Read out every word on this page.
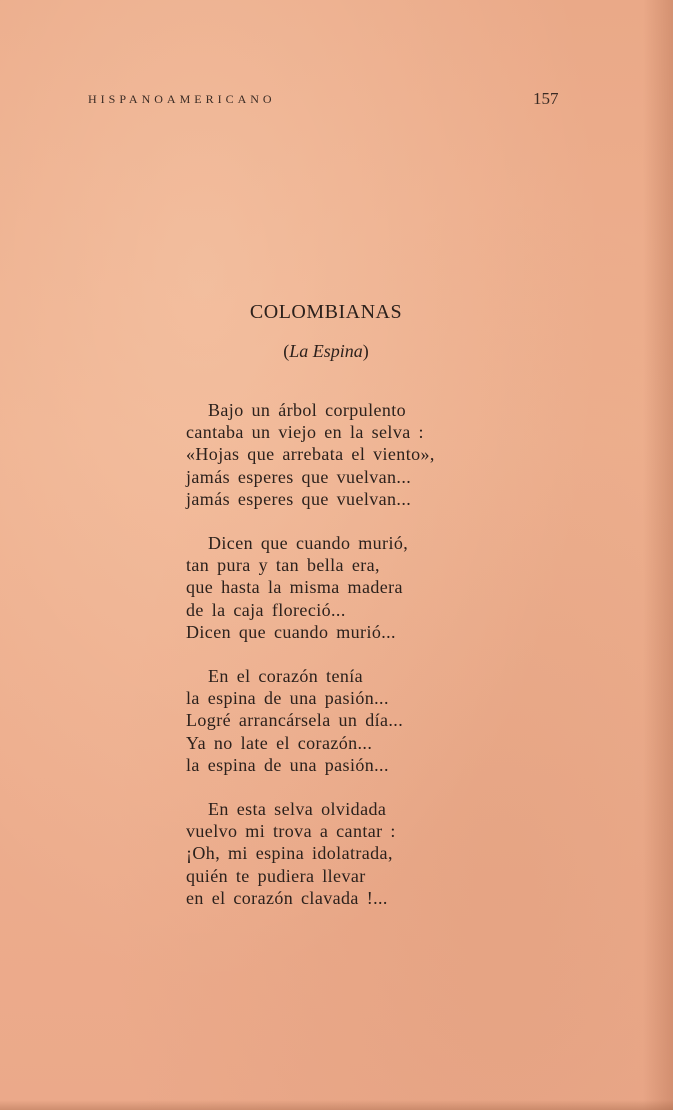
HISPANOAMERICANO	157
COLOMBIANAS
(La Espina)
Bajo un árbol corpulento
cantaba un viejo en la selva :
«Hojas que arrebata el viento»,
jamás esperes que vuelvan...
jamás esperes que vuelvan...
Dicen que cuando murió,
tan pura y tan bella era,
que hasta la misma madera
de la caja floreció...
Dicen que cuando murió...
En el corazón tenía
la espina de una pasión...
Logré arrancársela un día...
Ya no late el corazón...
la espina de una pasión...
En esta selva olvidada
vuelvo mi trova a cantar :
¡Oh, mi espina idolatrada,
quién te pudiera llevar
en el corazón clavada !...
